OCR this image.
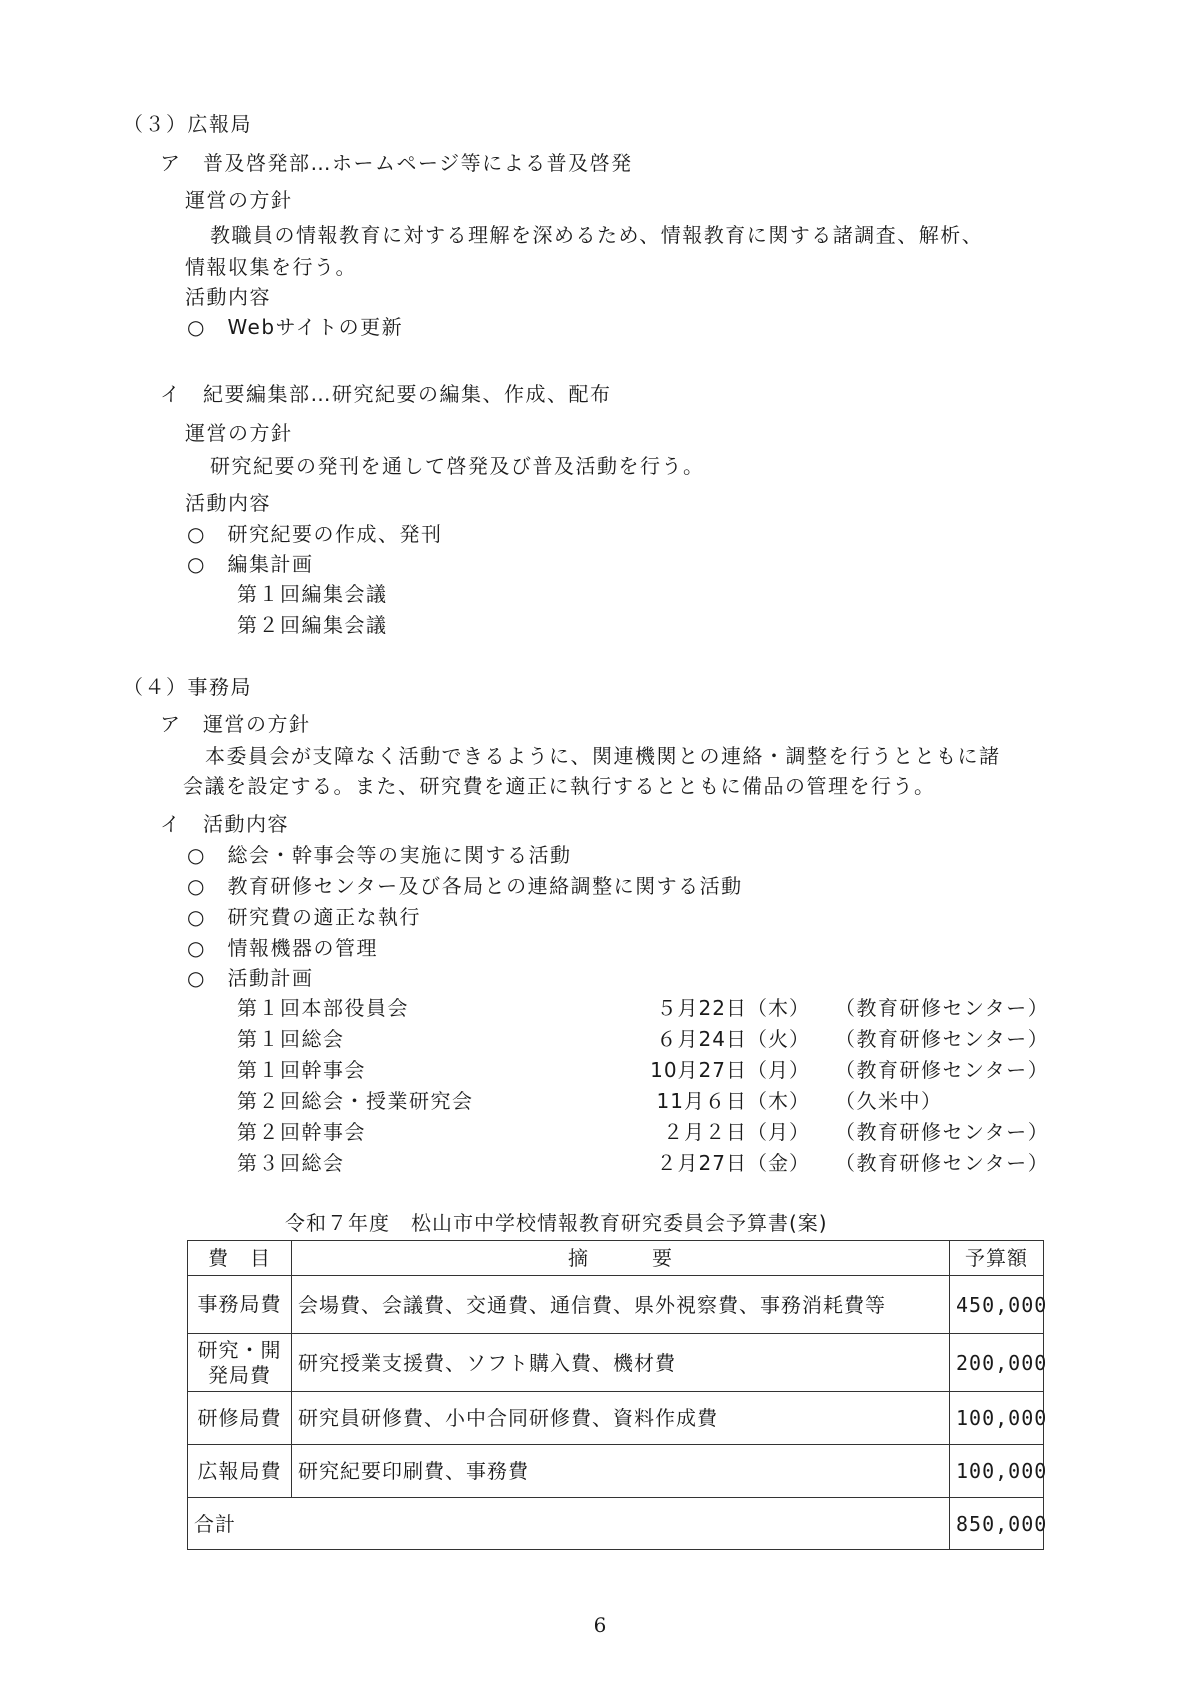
（３）広報局
ア　普及啓発部…ホームページ等による普及啓発
運営の方針
教職員の情報教育に対する理解を深めるため、情報教育に関する諸調査、解析、
情報収集を行う。
活動内容
○　Webサイトの更新
イ　紀要編集部…研究紀要の編集、作成、配布
運営の方針
研究紀要の発刊を通して啓発及び普及活動を行う。
活動内容
○　研究紀要の作成、発刊
○　編集計画
第１回編集会議
第２回編集会議
（４）事務局
ア　運営の方針
本委員会が支障なく活動できるように、関連機関との連絡・調整を行うとともに諸
会議を設定する。また、研究費を適正に執行するとともに備品の管理を行う。
イ　活動内容
○　総会・幹事会等の実施に関する活動
○　教育研修センター及び各局との連絡調整に関する活動
○　研究費の適正な執行
○　情報機器の管理
○　活動計画
第１回本部役員会	５月22日（木） （教育研修センター）
第１回総会	６月24日（火） （教育研修センター）
第１回幹事会	10月27日（月） （教育研修センター）
第２回総会・授業研究会	11月６日（木） （久米中）
第２回幹事会	２月２日（月） （教育研修センター）
第３回総会	２月27日（金） （教育研修センター）
令和７年度　松山市中学校情報教育研究委員会予算書(案)
費　目	摘　　　要	予算額
事務局費	会場費、会議費、交通費、通信費、県外視察費、事務消耗費等	450,000
研究・開発局費	研究授業支援費、ソフト購入費、機材費	200,000
研修局費	研究員研修費、小中合同研修費、資料作成費	100,000
広報局費	研究紀要印刷費、事務費	100,000
合計		850,000
6
